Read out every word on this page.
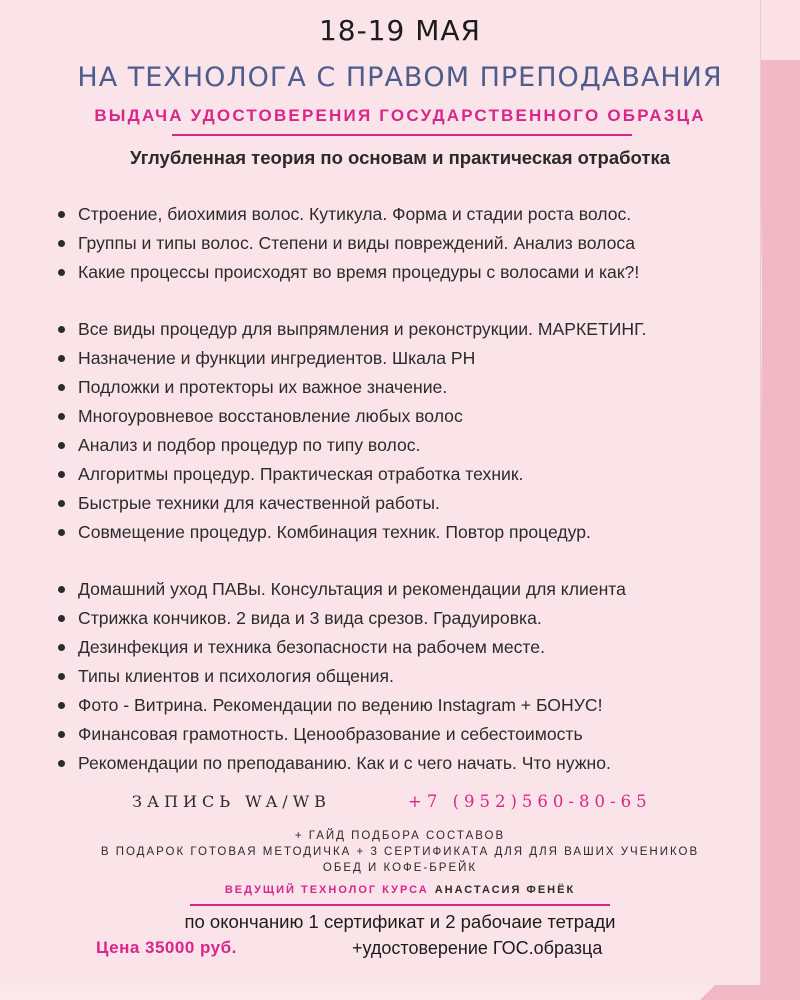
18-19 МАЯ
НА ТЕХНОЛОГА С ПРАВОМ ПРЕПОДАВАНИЯ
ВЫДАЧА УДОСТОВЕРЕНИЯ ГОСУДАРСТВЕННОГО ОБРАЗЦА
Углубленная теория по основам и практическая отработка
Строение, биохимия волос. Кутикула. Форма и стадии роста волос.
Группы и типы волос. Степени и виды повреждений. Анализ волоса
Какие процессы происходят во время процедуры с волосами и как?!
Все виды процедур для выпрямления и реконструкции. МАРКЕТИНГ.
Назначение и функции ингредиентов. Шкала PH
Подложки и протекторы их важное значение.
Многоуровневое восстановление любых волос
Анализ и подбор процедур по типу волос.
Алгоритмы процедур. Практическая отработка техник.
Быстрые техники для качественной работы.
Совмещение процедур. Комбинация техник. Повтор процедур.
Домашний уход ПАВы. Консультация и рекомендации для клиента
Стрижка кончиков. 2 вида и 3 вида срезов. Градуировка.
Дезинфекция и техника безопасности на рабочем месте.
Типы клиентов и психология общения.
Фото - Витрина. Рекомендации по ведению Instagram + БОНУС!
Финансовая грамотность. Ценообразование и себестоимость
Рекомендации по преподаванию. Как и с чего начать. Что нужно.
ЗАПИСЬ WA/WB	+7 (952)560-80-65
+ ГАЙД ПОДБОРА СОСТАВОВ
В ПОДАРОК ГОТОВАЯ МЕТОДИЧКА + 3 СЕРТИФИКАТА ДЛЯ ДЛЯ ВАШИХ УЧЕНИКОВ
ОБЕД И КОФЕ-БРЕЙК
ВЕДУЩИЙ ТЕХНОЛОГ КУРСА АНАСТАСИЯ ФЕНЁК
по окончанию 1 сертификат и 2 рабочаие тетради
Цена 35000 руб.	+удостоверение ГОС.образца
